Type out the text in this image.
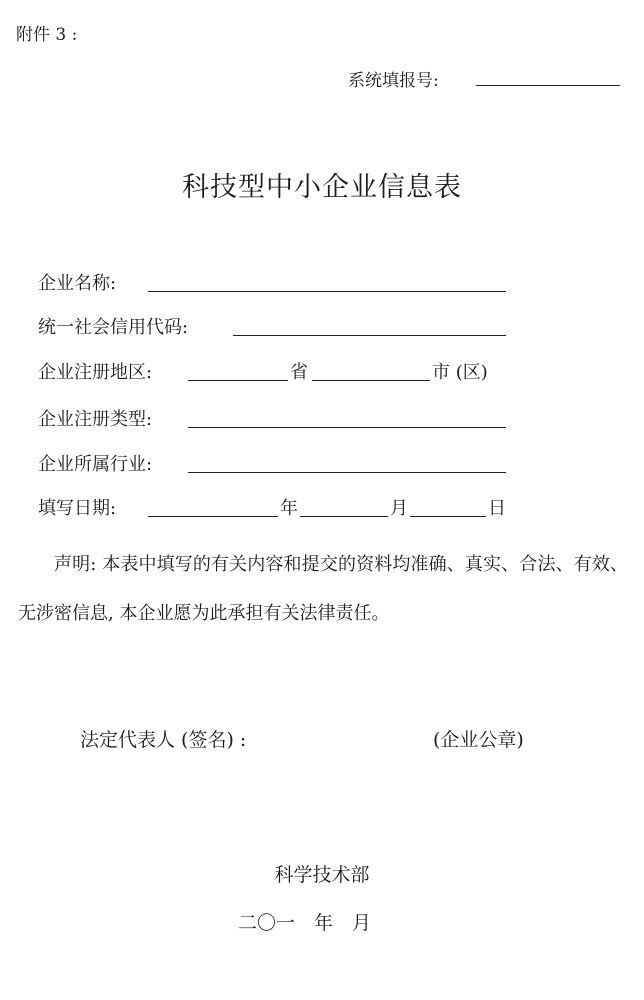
附件 3 :
系统填报号:
科技型中小企业信息表
企业名称:
统一社会信用代码:
企业注册地区:	省	市 (区)
企业注册类型:
企业所属行业:
填写日期:	年	月	日
声明: 本表中填写的有关内容和提交的资料均准确、真实、合法、有效、无涉密信息, 本企业愿为此承担有关法律责任。
法定代表人 (签名) :	(企业公章)
科学技术部
二〇一　年　月
